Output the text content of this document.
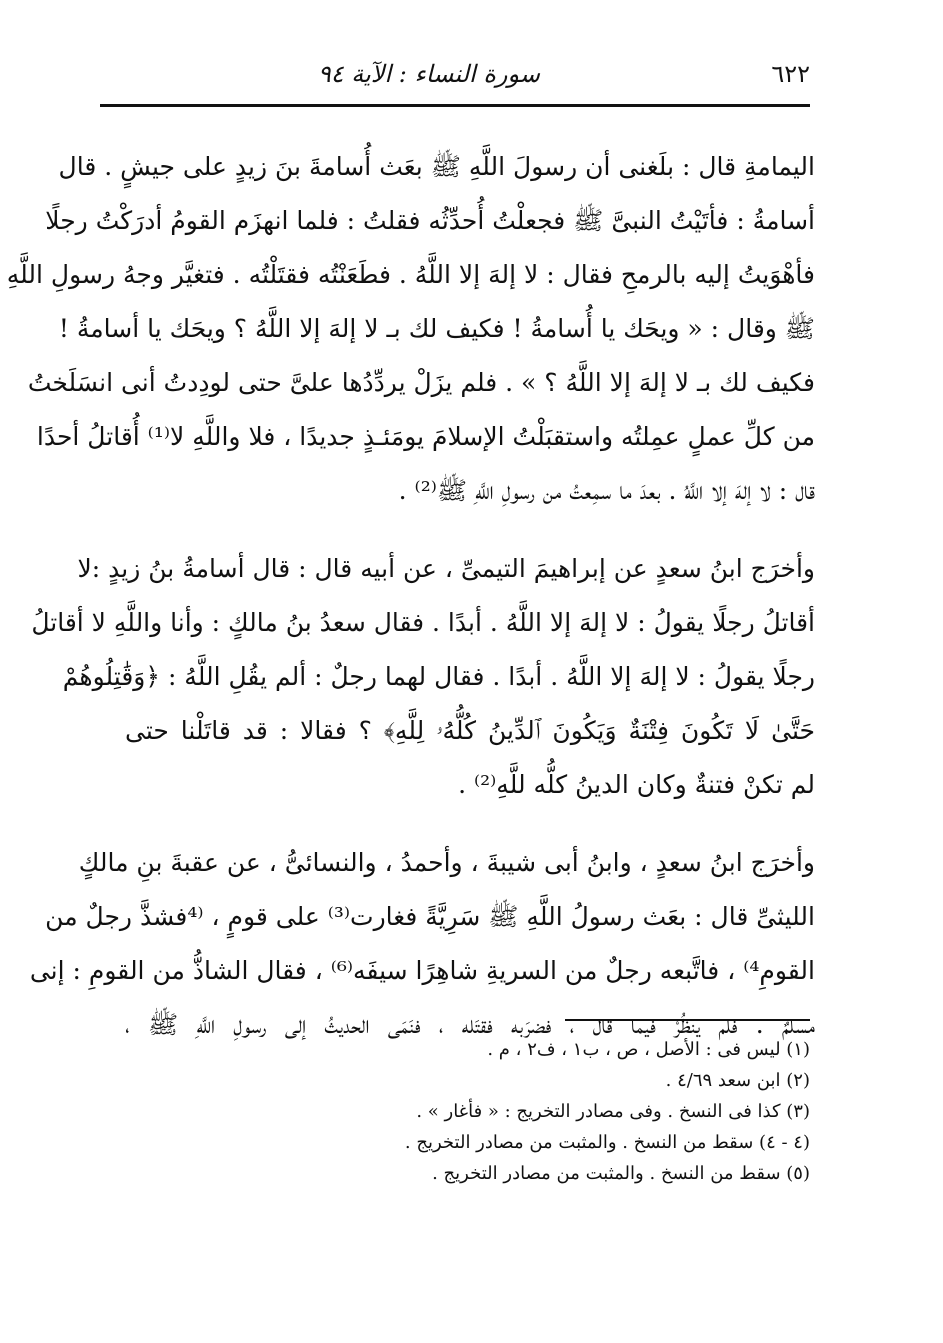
٦٢٢
سورة النساء : الآية ٩٤
اليمامةِ قال : بلَغنى أن رسولَ اللَّهِ ﷺ بعَث أُسامةَ بنَ زيدٍ على جيشٍ . قال
أسامةُ : فأتَيْتُ النبىَّ ﷺ فجعلْتُ أُحدِّثُه فقلتُ : فلما انهزَم القومُ أدرَكْتُ رجلًا
فأهْوَيتُ إليه بالرمحِ فقال : لا إلهَ إلا اللَّهُ . فطَعَنْتُه فقتَلْتُه . فتغيَّر وجهُ رسولِ اللَّهِ
ﷺ وقال : « ويحَك يا أُسامةُ ! فكيف لك بـ لا إلهَ إلا اللَّهُ ؟ ويحَك يا أسامةُ !
فكيف لك بـ لا إلهَ إلا اللَّهُ ؟ » . فلم يزَلْ يردِّدُها علىَّ حتى لودِدتُ أنى انسَلَختُ
من كلِّ عملٍ عمِلتُه واستقبَلْتُ الإسلامَ يومَئـذٍ جديدًا ، فلا واللَّهِ لا⁽¹⁾ أُقاتلُ أحدًا
قال : لا إلهَ إلا اللَّهُ . بعدَ ما سمِعتُ من رسولِ اللَّهِ ﷺ⁽²⁾ .
وأخرَج ابنُ سعدٍ عن إبراهيمَ التيمىِّ ، عن أبيه قال : قال أسامةُ بنُ زيدٍ :لا
أقاتلُ رجلًا يقولُ : لا إلهَ إلا اللَّهُ . أبدًا . فقال سعدُ بنُ مالكٍ : وأنا واللَّهِ لا أقاتلُ
رجلًا يقولُ : لا إلهَ إلا اللَّهُ . أبدًا . فقال لهما رجلٌ : ألم يقُلِ اللَّهُ : ﴿وَقَٰتِلُوهُمْ
حَتَّىٰ لَا تَكُونَ فِتْنَةٌ وَيَكُونَ ٱلدِّينُ كُلُّهُۥ لِلَّهِ﴾ ؟ فقالا : قد قاتَلْنا حتى
لم تكنْ فتنةٌ وكان الدينُ كلُّه للَّهِ⁽²⁾ .
وأخرَج ابنُ سعدٍ ، وابنُ أبى شيبةَ ، وأحمدُ ، والنسائىُّ ، عن عقبةَ بنِ مالكٍ
الليثىِّ قال : بعَث رسولُ اللَّهِ ﷺ سَرِيَّةً فغارت⁽³⁾ على قومٍ ، ⁽⁴فشذَّ رجلٌ من
القومِ⁴⁾ ، فاتَّبعه رجلٌ من السريةِ شاهِرًا سيفَه⁽⁶⁾ ، فقال الشاذُّ من القومِ : إنى
مسلمٌ . فلم ينظُرْ فيما قال ، فضرَبه فقتَله ، فنَمَى الحديثُ إلى رسولِ اللَّهِ ﷺ ،
(١) ليس فى : الأصل ، ص ، ب١ ، ف٢ ، م .
(٢) ابن سعد ٤/٦٩ .
(٣) كذا فى النسخ . وفى مصادر التخريج : « فأغار » .
(٤ - ٤) سقط من النسخ . والمثبت من مصادر التخريج .
(٥) سقط من النسخ . والمثبت من مصادر التخريج .
